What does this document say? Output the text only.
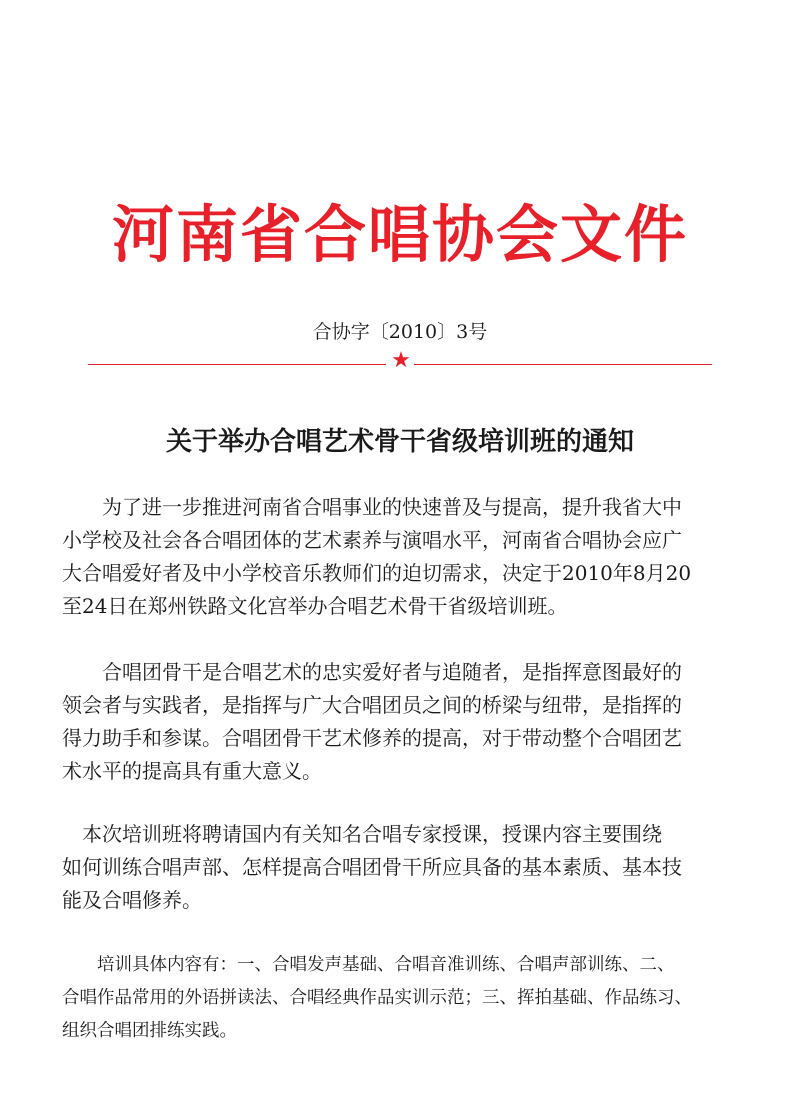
河南省合唱协会文件
合协字〔2010〕3号
★
关于举办合唱艺术骨干省级培训班的通知
　　为了进一步推进河南省合唱事业的快速普及与提高，提升我省大中
小学校及社会各合唱团体的艺术素养与演唱水平，河南省合唱协会应广
大合唱爱好者及中小学校音乐教师们的迫切需求，决定于2010年8月20
至24日在郑州铁路文化宫举办合唱艺术骨干省级培训班。
　　合唱团骨干是合唱艺术的忠实爱好者与追随者，是指挥意图最好的
领会者与实践者，是指挥与广大合唱团员之间的桥梁与纽带，是指挥的
得力助手和参谋。合唱团骨干艺术修养的提高，对于带动整个合唱团艺
术水平的提高具有重大意义。
　本次培训班将聘请国内有关知名合唱专家授课，授课内容主要围绕
如何训练合唱声部、怎样提高合唱团骨干所应具备的基本素质、基本技
能及合唱修养。
　　培训具体内容有：一、合唱发声基础、合唱音准训练、合唱声部训练、二、
合唱作品常用的外语拼读法、合唱经典作品实训示范；三、挥拍基础、作品练习、
组织合唱团排练实践。
